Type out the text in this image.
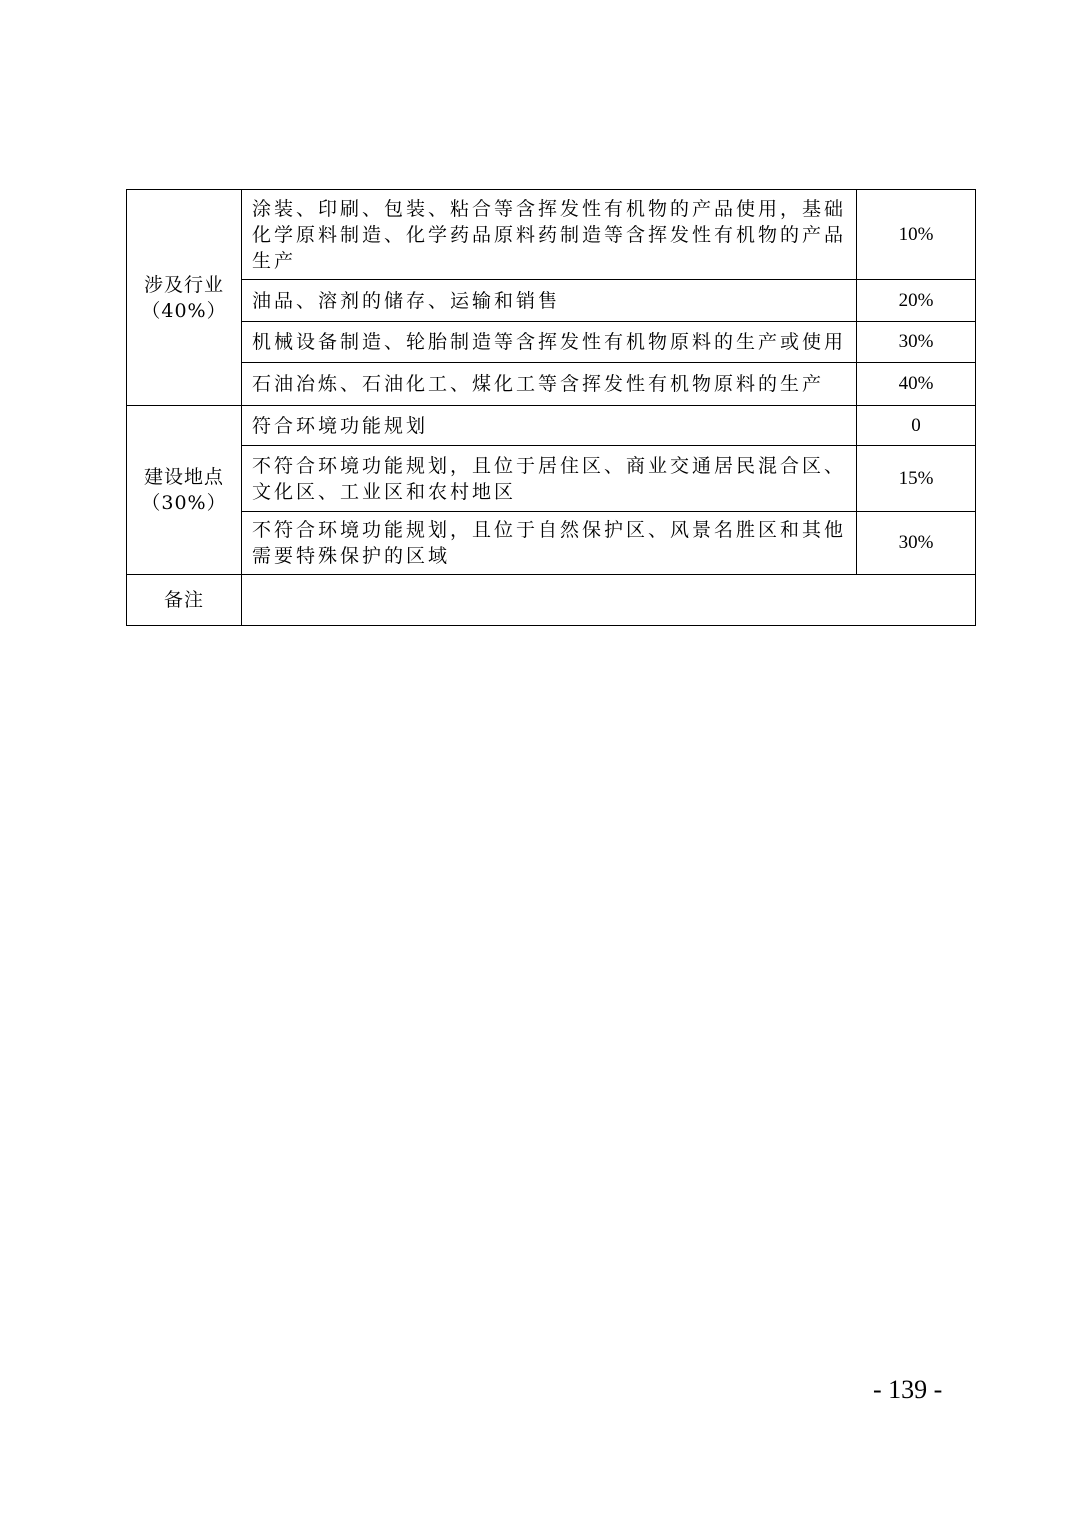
涉及行业
（40%）	涂装、印刷、包装、粘合等含挥发性有机物的产品使用，基础化学原料制造、化学药品原料药制造等含挥发性有机物的产品生产	10%
	油品、溶剂的储存、运输和销售	20%
	机械设备制造、轮胎制造等含挥发性有机物原料的生产或使用	30%
	石油冶炼、石油化工、煤化工等含挥发性有机物原料的生产	40%

建设地点
（30%）	符合环境功能规划	0
	不符合环境功能规划，且位于居住区、商业交通居民混合区、文化区、工业区和农村地区	15%
	不符合环境功能规划，且位于自然保护区、风景名胜区和其他需要特殊保护的区域	30%
备注		
- 139 -
